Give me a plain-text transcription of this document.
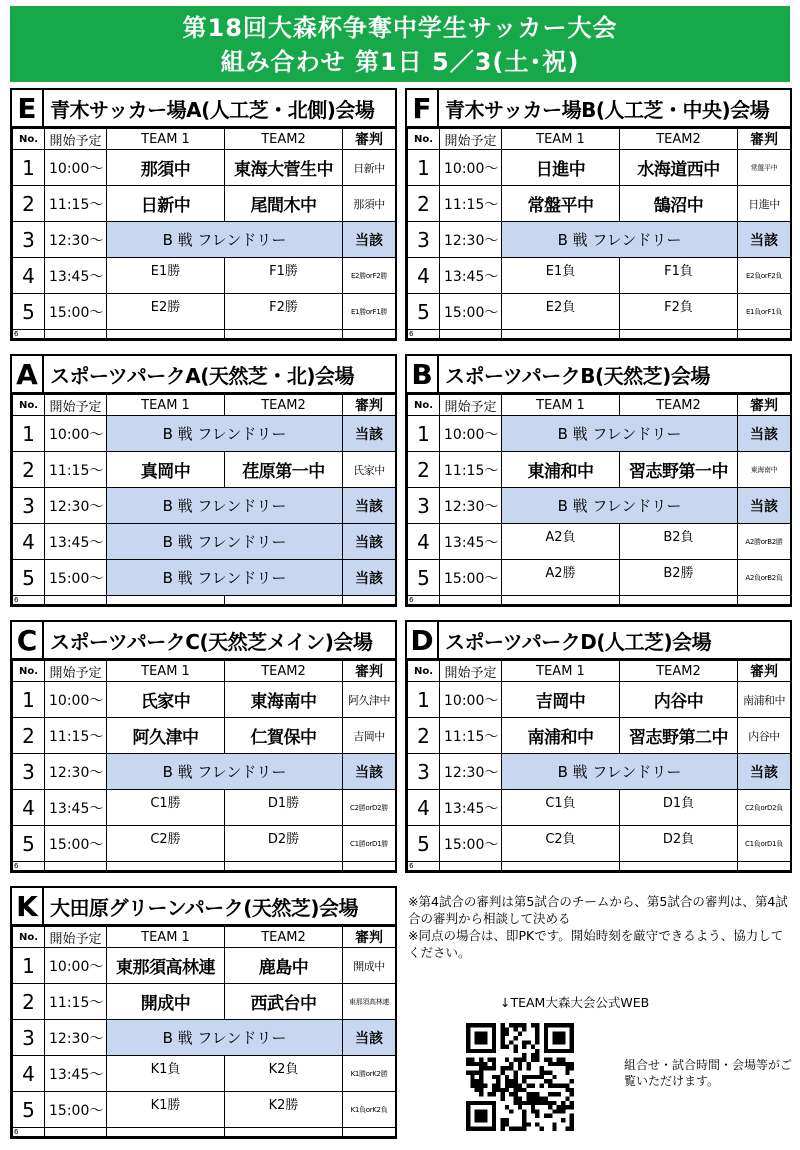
第18回大森杯争奪中学生サッカー大会
組み合わせ 第1日 5／3(土･祝)
E 青木サッカー場A(人工芝・北側)会場
No.	開始予定	TEAM 1	TEAM2	審判
1	10:00～	那須中	東海大菅生中	日新中
2	11:15～	日新中	尾間木中	那須中
3	12:30～	B 戦 フレンドリー		当該
4	13:45～	E1勝	F1勝	E2勝orF2勝
5	15:00～	E2勝	F2勝	E1勝orF1勝
6				
F 青木サッカー場B(人工芝・中央)会場
No.	開始予定	TEAM 1	TEAM2	審判
1	10:00～	日進中	水海道西中	常盤平中
2	11:15～	常盤平中	鵠沼中	日進中
3	12:30～	B 戦 フレンドリー		当該
4	13:45～	E1負	F1負	E2負orF2負
5	15:00～	E2負	F2負	E1負orF1負
6				
A スポーツパークA(天然芝・北)会場
No.	開始予定	TEAM 1	TEAM2	審判
1	10:00～	B 戦 フレンドリー		当該
2	11:15～	真岡中	荏原第一中	氏家中
3	12:30～	B 戦 フレンドリー		当該
4	13:45～	B 戦 フレンドリー		当該
5	15:00～	B 戦 フレンドリー		当該
6				
B スポーツパークB(天然芝)会場
No.	開始予定	TEAM 1	TEAM2	審判
1	10:00～	B 戦 フレンドリー		当該
2	11:15～	東浦和中	習志野第一中	東海南中
3	12:30～	B 戦 フレンドリー		当該
4	13:45～	A2負	B2負	A2勝orB2勝
5	15:00～	A2勝	B2勝	A2負orB2負
6				
C スポーツパークC(天然芝メイン)会場
No.	開始予定	TEAM 1	TEAM2	審判
1	10:00～	氏家中	東海南中	阿久津中
2	11:15～	阿久津中	仁賀保中	吉岡中
3	12:30～	B 戦 フレンドリー		当該
4	13:45～	C1勝	D1勝	C2勝orD2勝
5	15:00～	C2勝	D2勝	C1勝orD1勝
6				
D スポーツパークD(人工芝)会場
No.	開始予定	TEAM 1	TEAM2	審判
1	10:00～	吉岡中	内谷中	南浦和中
2	11:15～	南浦和中	習志野第二中	内谷中
3	12:30～	B 戦 フレンドリー		当該
4	13:45～	C1負	D1負	C2負orD2負
5	15:00～	C2負	D2負	C1負orD1負
6				
K 大田原グリーンパーク(天然芝)会場
No.	開始予定	TEAM 1	TEAM2	審判
1	10:00～	東那須高林連	鹿島中	開成中
2	11:15～	開成中	西武台中	東那須高林連
3	12:30～	B 戦 フレンドリー		当該
4	13:45～	K1負	K2負	K1勝orK2勝
5	15:00～	K1勝	K2勝	K1負orK2負
6				
※第4試合の審判は第5試合のチームから、第5試合の審判は、第4試合の審判から相談して決める
※同点の場合は、即PKです。開始時刻を厳守できるよう、協力してください。
↓TEAM大森大会公式WEB
組合せ・試合時間・会場等がご覧いただけます。
